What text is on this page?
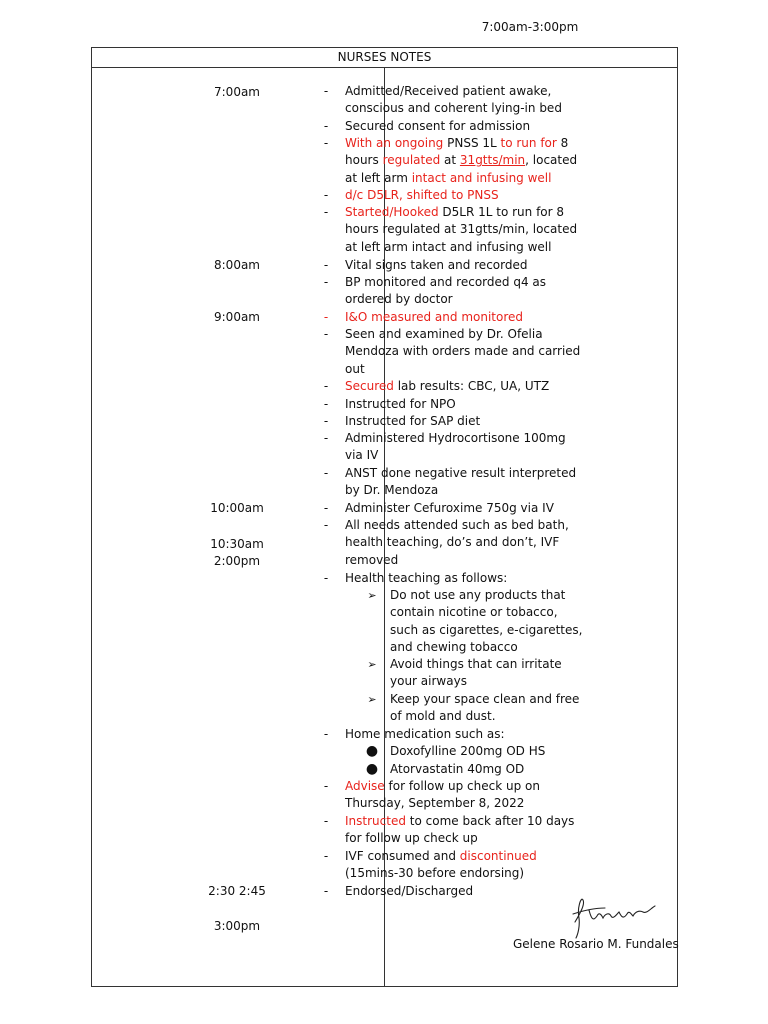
NURSES NOTES
7:00am-3:00pm
7:00am
8:00am
9:00am
10:00am
10:30am
2:00pm
2:30 2:45
3:00pm
- Admitted/Received patient awake, conscious and coherent lying-in bed
- Secured consent for admission
- With an ongoing PNSS 1L to run for 8 hours regulated at 31gtts/min, located at left arm intact and infusing well
- d/c D5LR, shifted to PNSS
- Started/Hooked D5LR 1L to run for 8 hours regulated at 31gtts/min, located at left arm intact and infusing well
- Vital signs taken and recorded
- BP monitored and recorded q4 as ordered by doctor
- I&O measured and monitored
- Seen and examined by Dr. Ofelia Mendoza with orders made and carried out
- Secured lab results: CBC, UA, UTZ
- Instructed for NPO
- Instructed for SAP diet
- Administered Hydrocortisone 100mg via IV
- ANST done negative result interpreted by Dr. Mendoza
- Administer Cefuroxime 750g via IV
- All needs attended such as bed bath, health teaching, do’s and don’t, IVF removed
- Health teaching as follows:
➢ Do not use any products that contain nicotine or tobacco, such as cigarettes, e-cigarettes, and chewing tobacco
➢ Avoid things that can irritate your airways
➢ Keep your space clean and free of mold and dust.
- Home medication such as:
● Doxofylline 200mg OD HS
● Atorvastatin 40mg OD
- Advise for follow up check up on Thursday, September 8, 2022
- Instructed to come back after 10 days for follow up check up
- IVF consumed and discontinued (15mins-30 before endorsing)
- Endorsed/Discharged
Gelene Rosario M. Fundales
